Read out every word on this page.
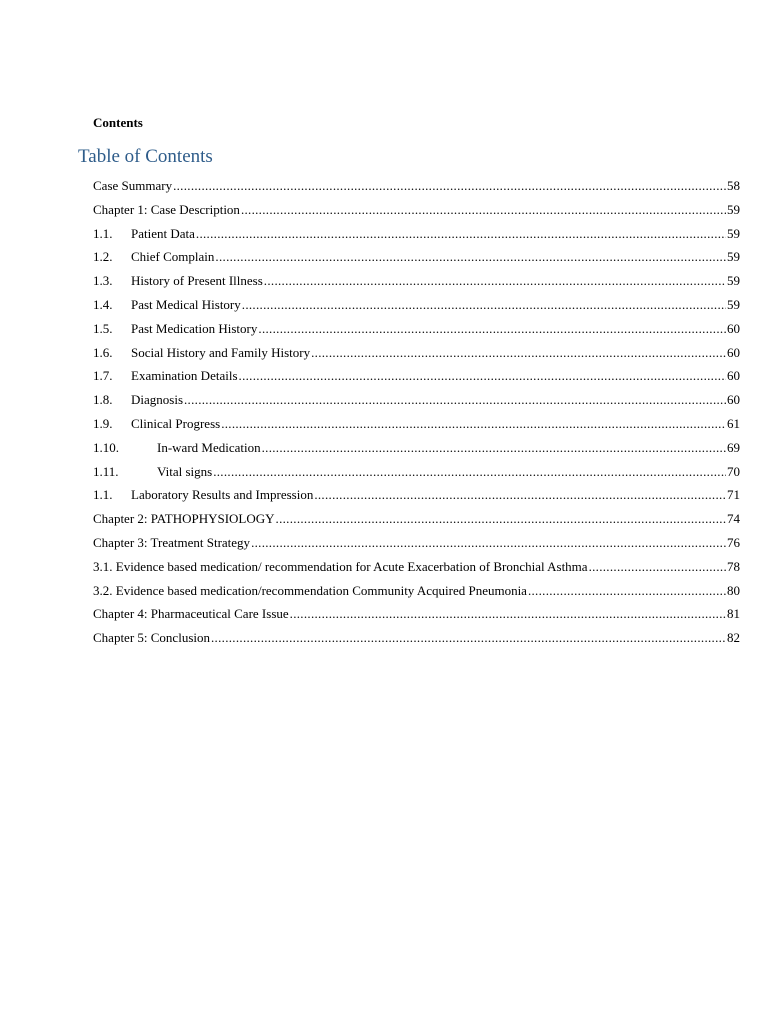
Contents
Table of Contents
Case Summary .....	58
Chapter 1: Case Description .....	59
1.1.	Patient Data .....	59
1.2.	Chief Complain .....	59
1.3.	History of Present Illness .....	59
1.4.	Past Medical History .....	59
1.5.	Past Medication History .....	60
1.6.	Social History and Family History .....	60
1.7.	Examination Details .....	60
1.8.	Diagnosis .....	60
1.9.	Clinical Progress .....	61
1.10.	In-ward Medication .....	69
1.11.	Vital signs .....	70
1.1.	Laboratory Results and Impression .....	71
Chapter 2: PATHOPHYSIOLOGY .....	74
Chapter 3: Treatment Strategy .....	76
3.1. Evidence based medication/ recommendation for Acute Exacerbation of Bronchial Asthma .....	78
3.2. Evidence based medication/recommendation Community Acquired Pneumonia .....	80
Chapter 4: Pharmaceutical Care Issue .....	81
Chapter 5: Conclusion .....	82
